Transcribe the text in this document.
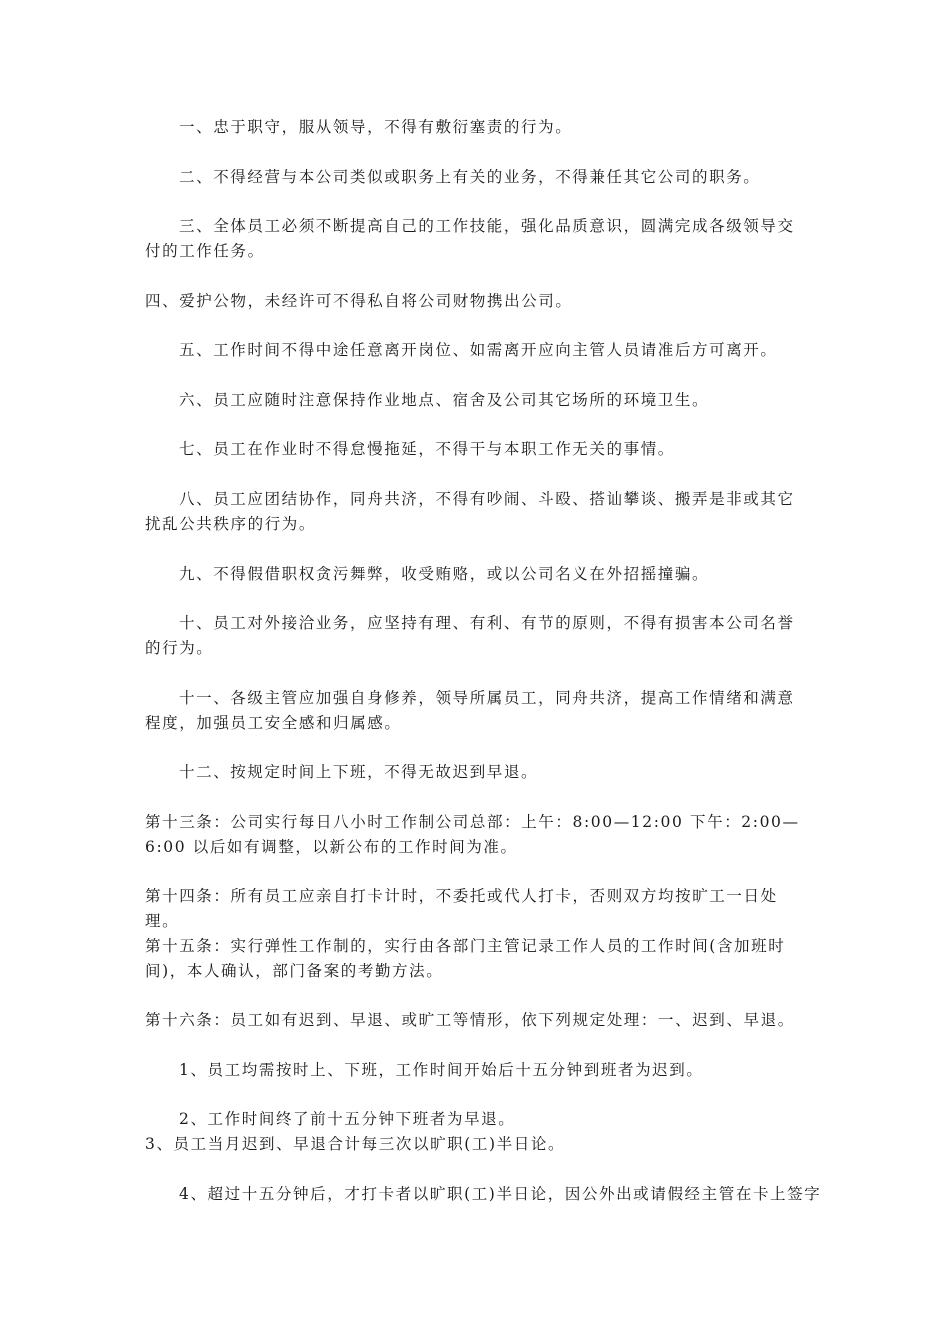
一、忠于职守，服从领导，不得有敷衍塞责的行为。

二、不得经营与本公司类似或职务上有关的业务，不得兼任其它公司的职务。

三、全体员工必须不断提高自己的工作技能，强化品质意识，圆满完成各级领导交付的工作任务。

四、爱护公物，未经许可不得私自将公司财物携出公司。

五、工作时间不得中途任意离开岗位、如需离开应向主管人员请准后方可离开。

六、员工应随时注意保持作业地点、宿舍及公司其它场所的环境卫生。

七、员工在作业时不得怠慢拖延，不得干与本职工作无关的事情。

八、员工应团结协作，同舟共济，不得有吵闹、斗殴、搭讪攀谈、搬弄是非或其它扰乱公共秩序的行为。

九、不得假借职权贪污舞弊，收受贿赂，或以公司名义在外招摇撞骗。

十、员工对外接洽业务，应坚持有理、有利、有节的原则，不得有损害本公司名誉的行为。

十一、各级主管应加强自身修养，领导所属员工，同舟共济，提高工作情绪和满意程度，加强员工安全感和归属感。

十二、按规定时间上下班，不得无故迟到早退。

第十三条：公司实行每日八小时工作制公司总部：上午：8:00—12:00 下午：2:00—6:00 以后如有调整，以新公布的工作时间为准。

第十四条：所有员工应亲自打卡计时，不委托或代人打卡，否则双方均按旷工一日处理。

第十五条：实行弹性工作制的，实行由各部门主管记录工作人员的工作时间(含加班时间)，本人确认，部门备案的考勤方法。

第十六条：员工如有迟到、早退、或旷工等情形，依下列规定处理：一、迟到、早退。

1、员工均需按时上、下班，工作时间开始后十五分钟到班者为迟到。

2、工作时间终了前十五分钟下班者为早退。

3、员工当月迟到、早退合计每三次以旷职(工)半日论。

4、超过十五分钟后，才打卡者以旷职(工)半日论，因公外出或请假经主管在卡上签字
